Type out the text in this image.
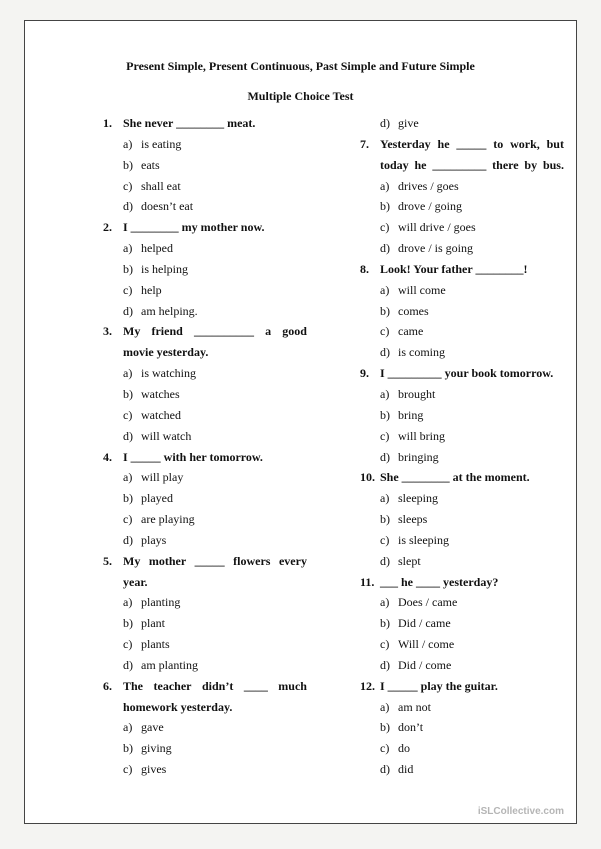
Present Simple, Present Continuous, Past Simple and Future Simple
Multiple Choice Test
1. She never ________ meat.
a) is eating
b) eats
c) shall eat
d) doesn’t eat
2. I ________ my mother now.
a) helped
b) is helping
c) help
d) am helping.
3. My friend __________ a good
movie yesterday.
a) is watching
b) watches
c) watched
d) will watch
4. I _____ with her tomorrow.
a) will play
b) played
c) are playing
d) plays
5. My mother _____ flowers every
year.
a) planting
b) plant
c) plants
d) am planting
6. The teacher didn’t ____ much
homework yesterday.
a) gave
b) giving
c) gives
d) give
7. Yesterday he _____ to work, but
today he _________ there by bus.
a) drives / goes
b) drove / going
c) will drive / goes
d) drove / is going
8. Look! Your father ________!
a) will come
b) comes
c) came
d) is coming
9. I _________ your book tomorrow.
a) brought
b) bring
c) will bring
d) bringing
10. She ________ at the moment.
a) sleeping
b) sleeps
c) is sleeping
d) slept
11. ___ he ____ yesterday?
a) Does / came
b) Did / came
c) Will / come
d) Did / come
12. I _____ play the guitar.
a) am not
b) don’t
c) do
d) did
iSLCollective.com
